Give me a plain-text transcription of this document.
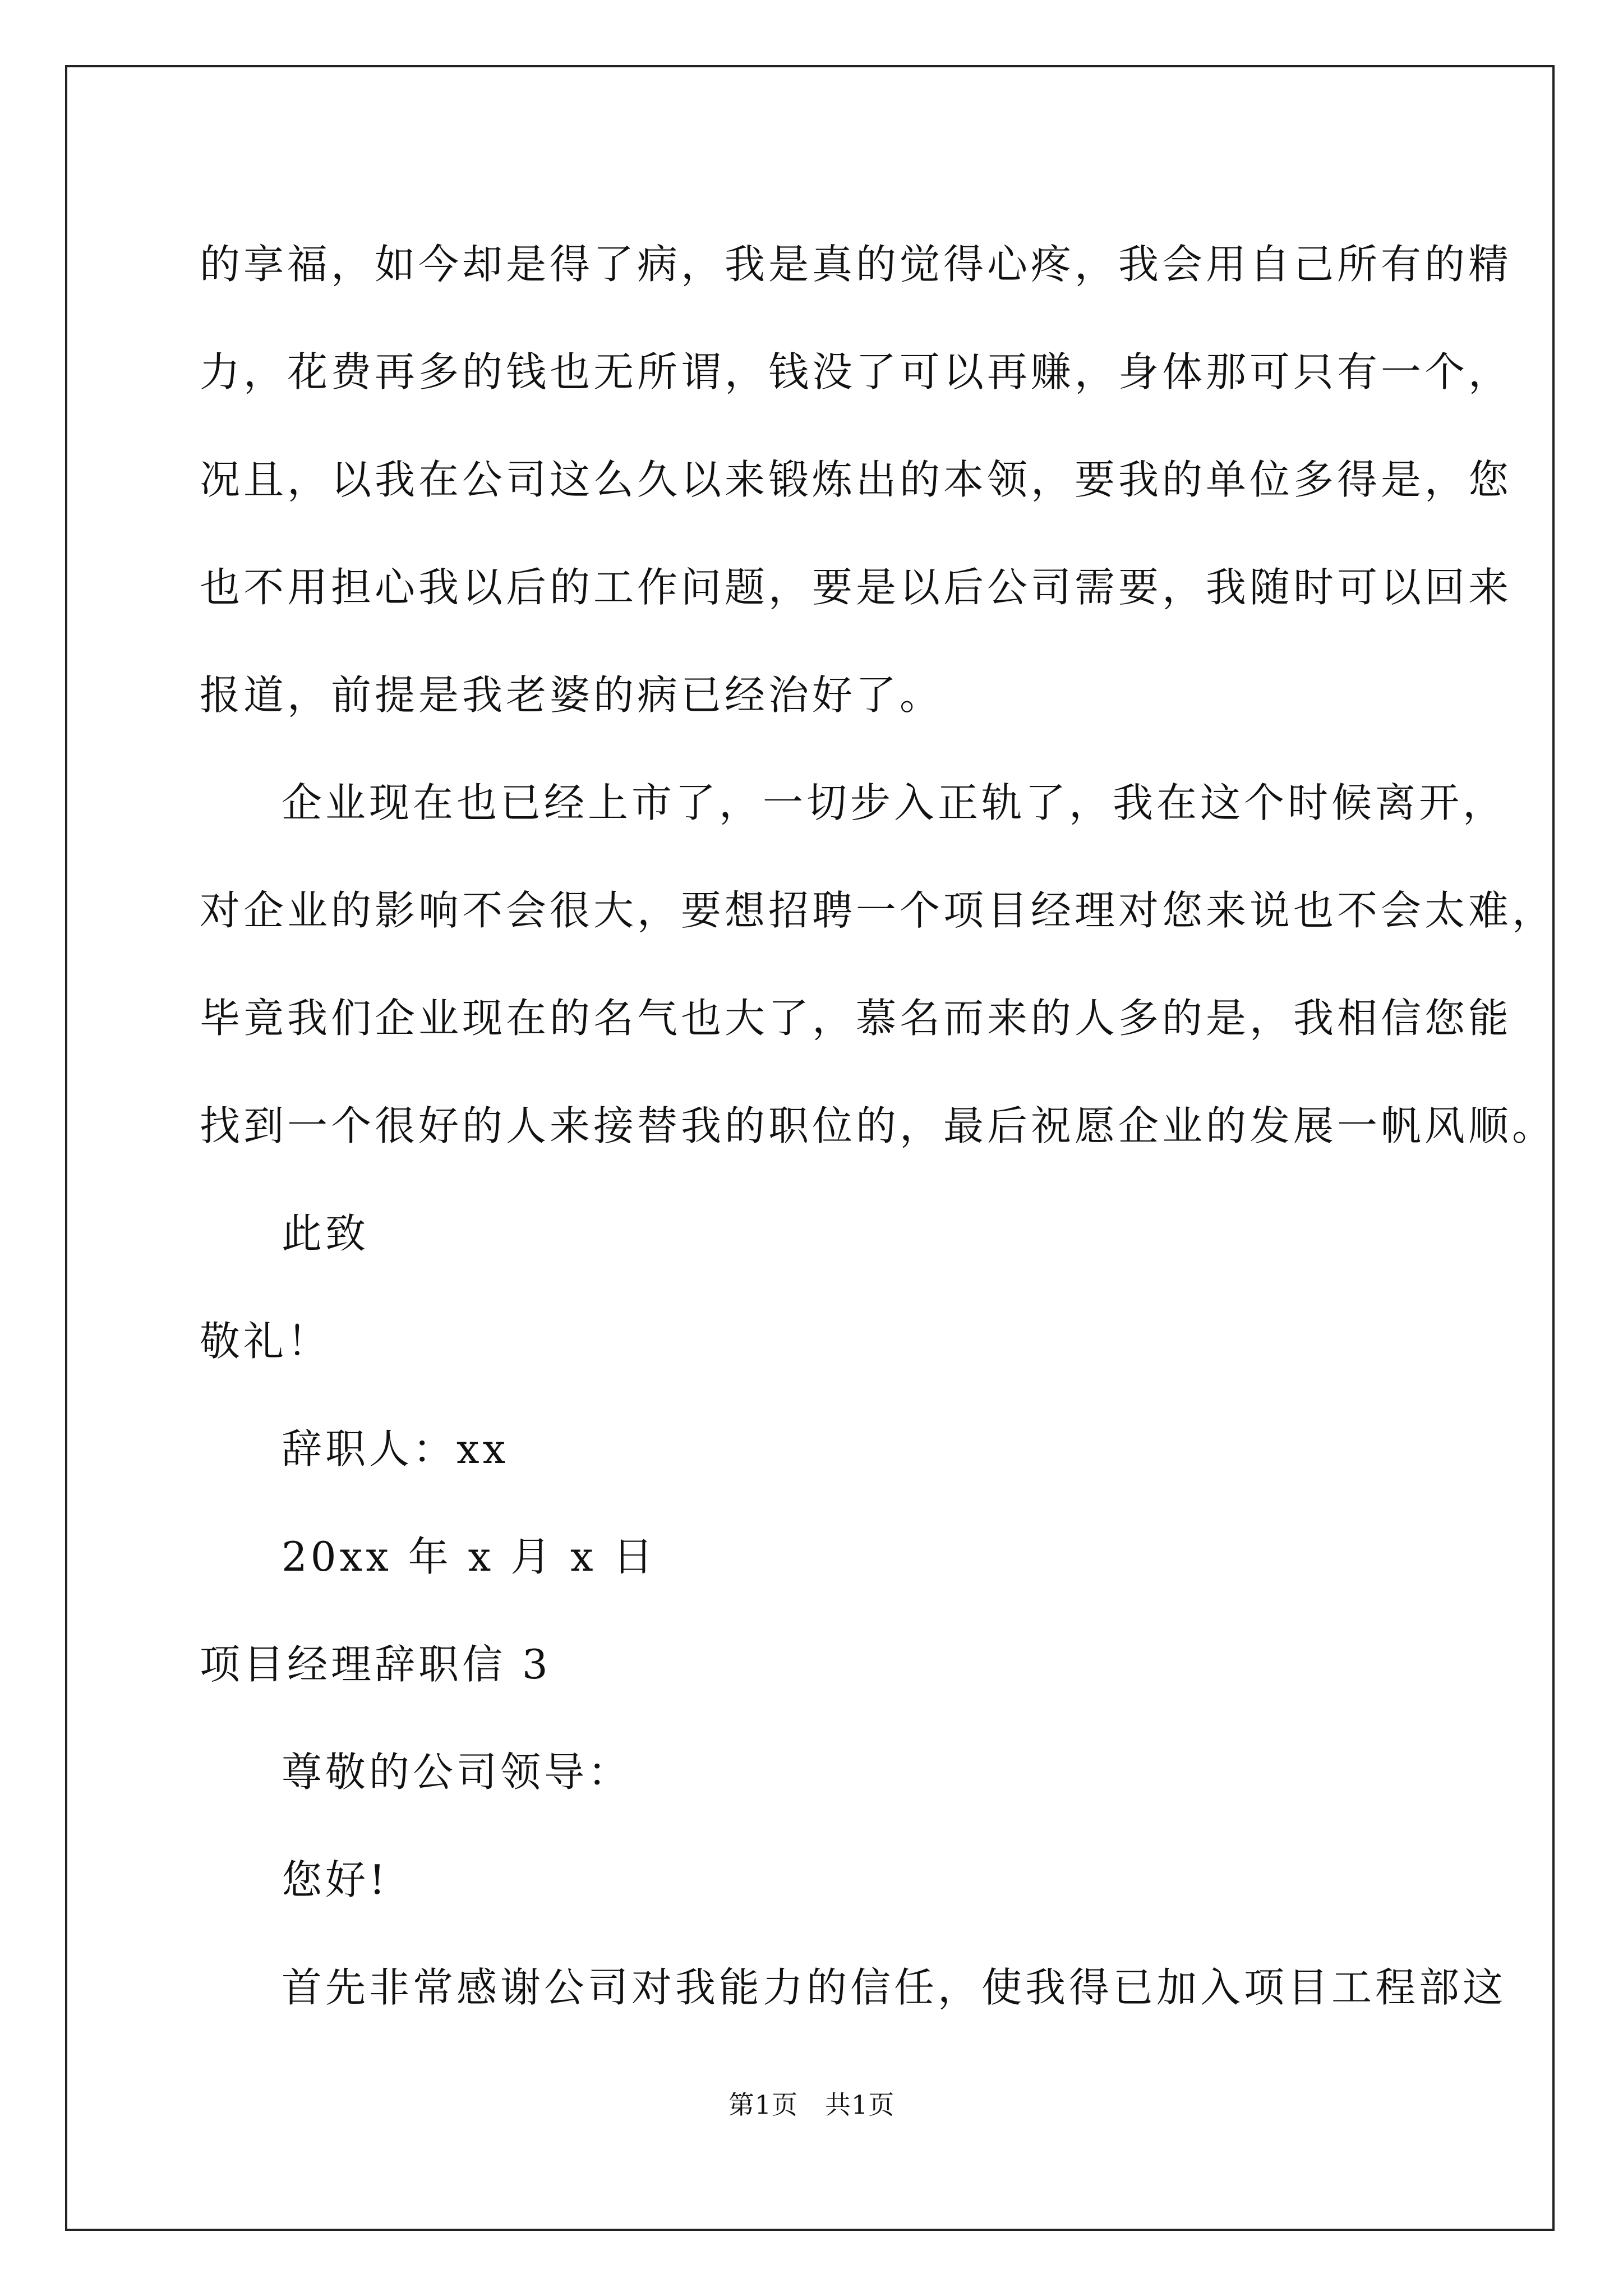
的享福，如今却是得了病，我是真的觉得心疼，我会用自己所有的精
力，花费再多的钱也无所谓，钱没了可以再赚，身体那可只有一个，
况且，以我在公司这么久以来锻炼出的本领，要我的单位多得是，您
也不用担心我以后的工作问题，要是以后公司需要，我随时可以回来
报道，前提是我老婆的病已经治好了。
企业现在也已经上市了，一切步入正轨了，我在这个时候离开，
对企业的影响不会很大，要想招聘一个项目经理对您来说也不会太难，
毕竟我们企业现在的名气也大了，慕名而来的人多的是，我相信您能
找到一个很好的人来接替我的职位的，最后祝愿企业的发展一帆风顺。
此致
敬礼！
辞职人：xx
20xx 年 x 月 x 日
项目经理辞职信 3
尊敬的公司领导：
您好!
首先非常感谢公司对我能力的信任，使我得已加入项目工程部这
第1页 共1页
